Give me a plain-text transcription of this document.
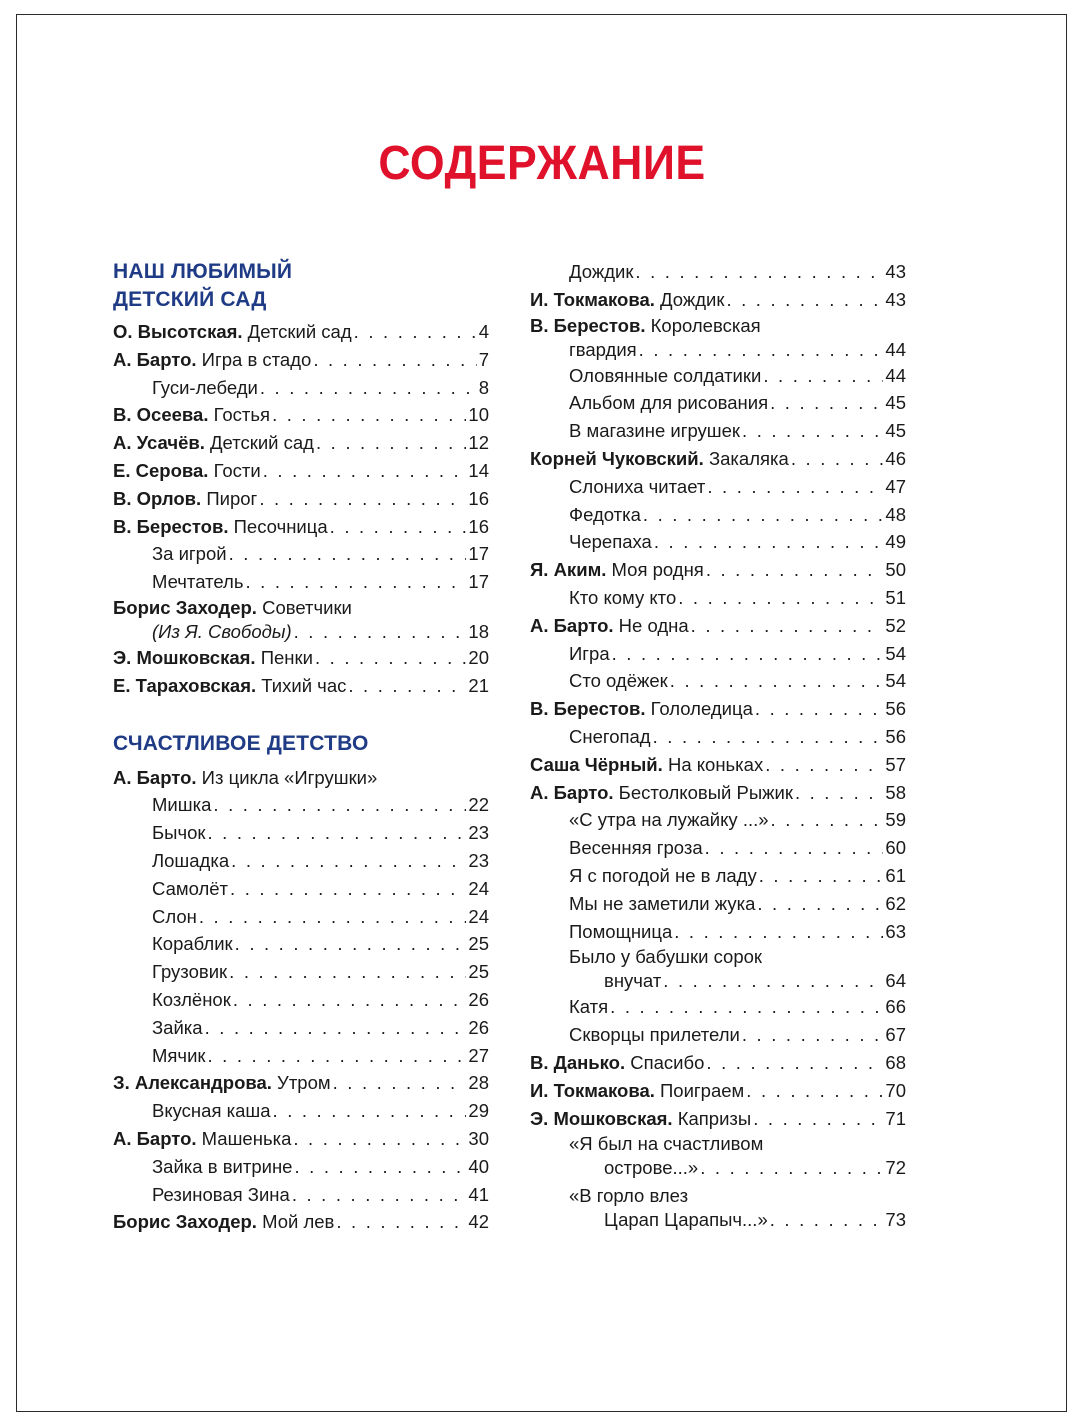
СОДЕРЖАНИЕ
НАШ ЛЮБИМЫЙ
ДЕТСКИЙ САД
О. Высотская. Детский сад . . .	4
А. Барто. Игра в стадо . . .	7
Гуси-лебеди . . .	8
В. Осеева. Гостья . . .	10
А. Усачёв. Детский сад . . .	12
Е. Серова. Гости . . .	14
В. Орлов. Пирог . . .	16
В. Берестов. Песочница . . .	16
За игрой . . .	17
Мечтатель . . .	17
Борис Заходер. Советчики
(Из Я. Свободы) . . .	18
Э. Мошковская. Пенки . . .	20
Е. Тараховская. Тихий час . . .	21
СЧАСТЛИВОЕ ДЕТСТВО
А. Барто. Из цикла «Игрушки»
Мишка . . .	22
Бычок . . .	23
Лошадка . . .	23
Самолёт . . .	24
Слон . . .	24
Кораблик . . .	25
Грузовик . . .	25
Козлёнок . . .	26
Зайка . . .	26
Мячик . . .	27
З. Александрова. Утром . . .	28
Вкусная каша . . .	29
А. Барто. Машенька . . .	30
Зайка в витрине . . .	40
Резиновая Зина . . .	41
Борис Заходер. Мой лев . . .	42
Дождик . . .	43
И. Токмакова. Дождик . . .	43
В. Берестов. Королевская
гвардия . . .	44
Оловянные солдатики . . .	44
Альбом для рисования . . .	45
В магазине игрушек . . .	45
Корней Чуковский. Закаляка . . .	46
Слониха читает . . .	47
Федотка . . .	48
Черепаха . . .	49
Я. Аким. Моя родня . . .	50
Кто кому кто . . .	51
А. Барто. Не одна . . .	52
Игра . . .	54
Сто одёжек . . .	54
В. Берестов. Гололедица . . .	56
Снегопад . . .	56
Саша Чёрный. На коньках . . .	57
А. Барто. Бестолковый Рыжик . . .	58
«С утра на лужайку ...» . . .	59
Весенняя гроза . . .	60
Я с погодой не в ладу . . .	61
Мы не заметили жука . . .	62
Помощница . . .	63
Было у бабушки сорок
внучат . . .	64
Катя . . .	66
Скворцы прилетели . . .	67
В. Данько. Спасибо . . .	68
И. Токмакова. Поиграем . . .	70
Э. Мошковская. Капризы . . .	71
«Я был на счастливом
острове...» . . .	72
«В горло влез
Царап Царапыч...» . . .	73
